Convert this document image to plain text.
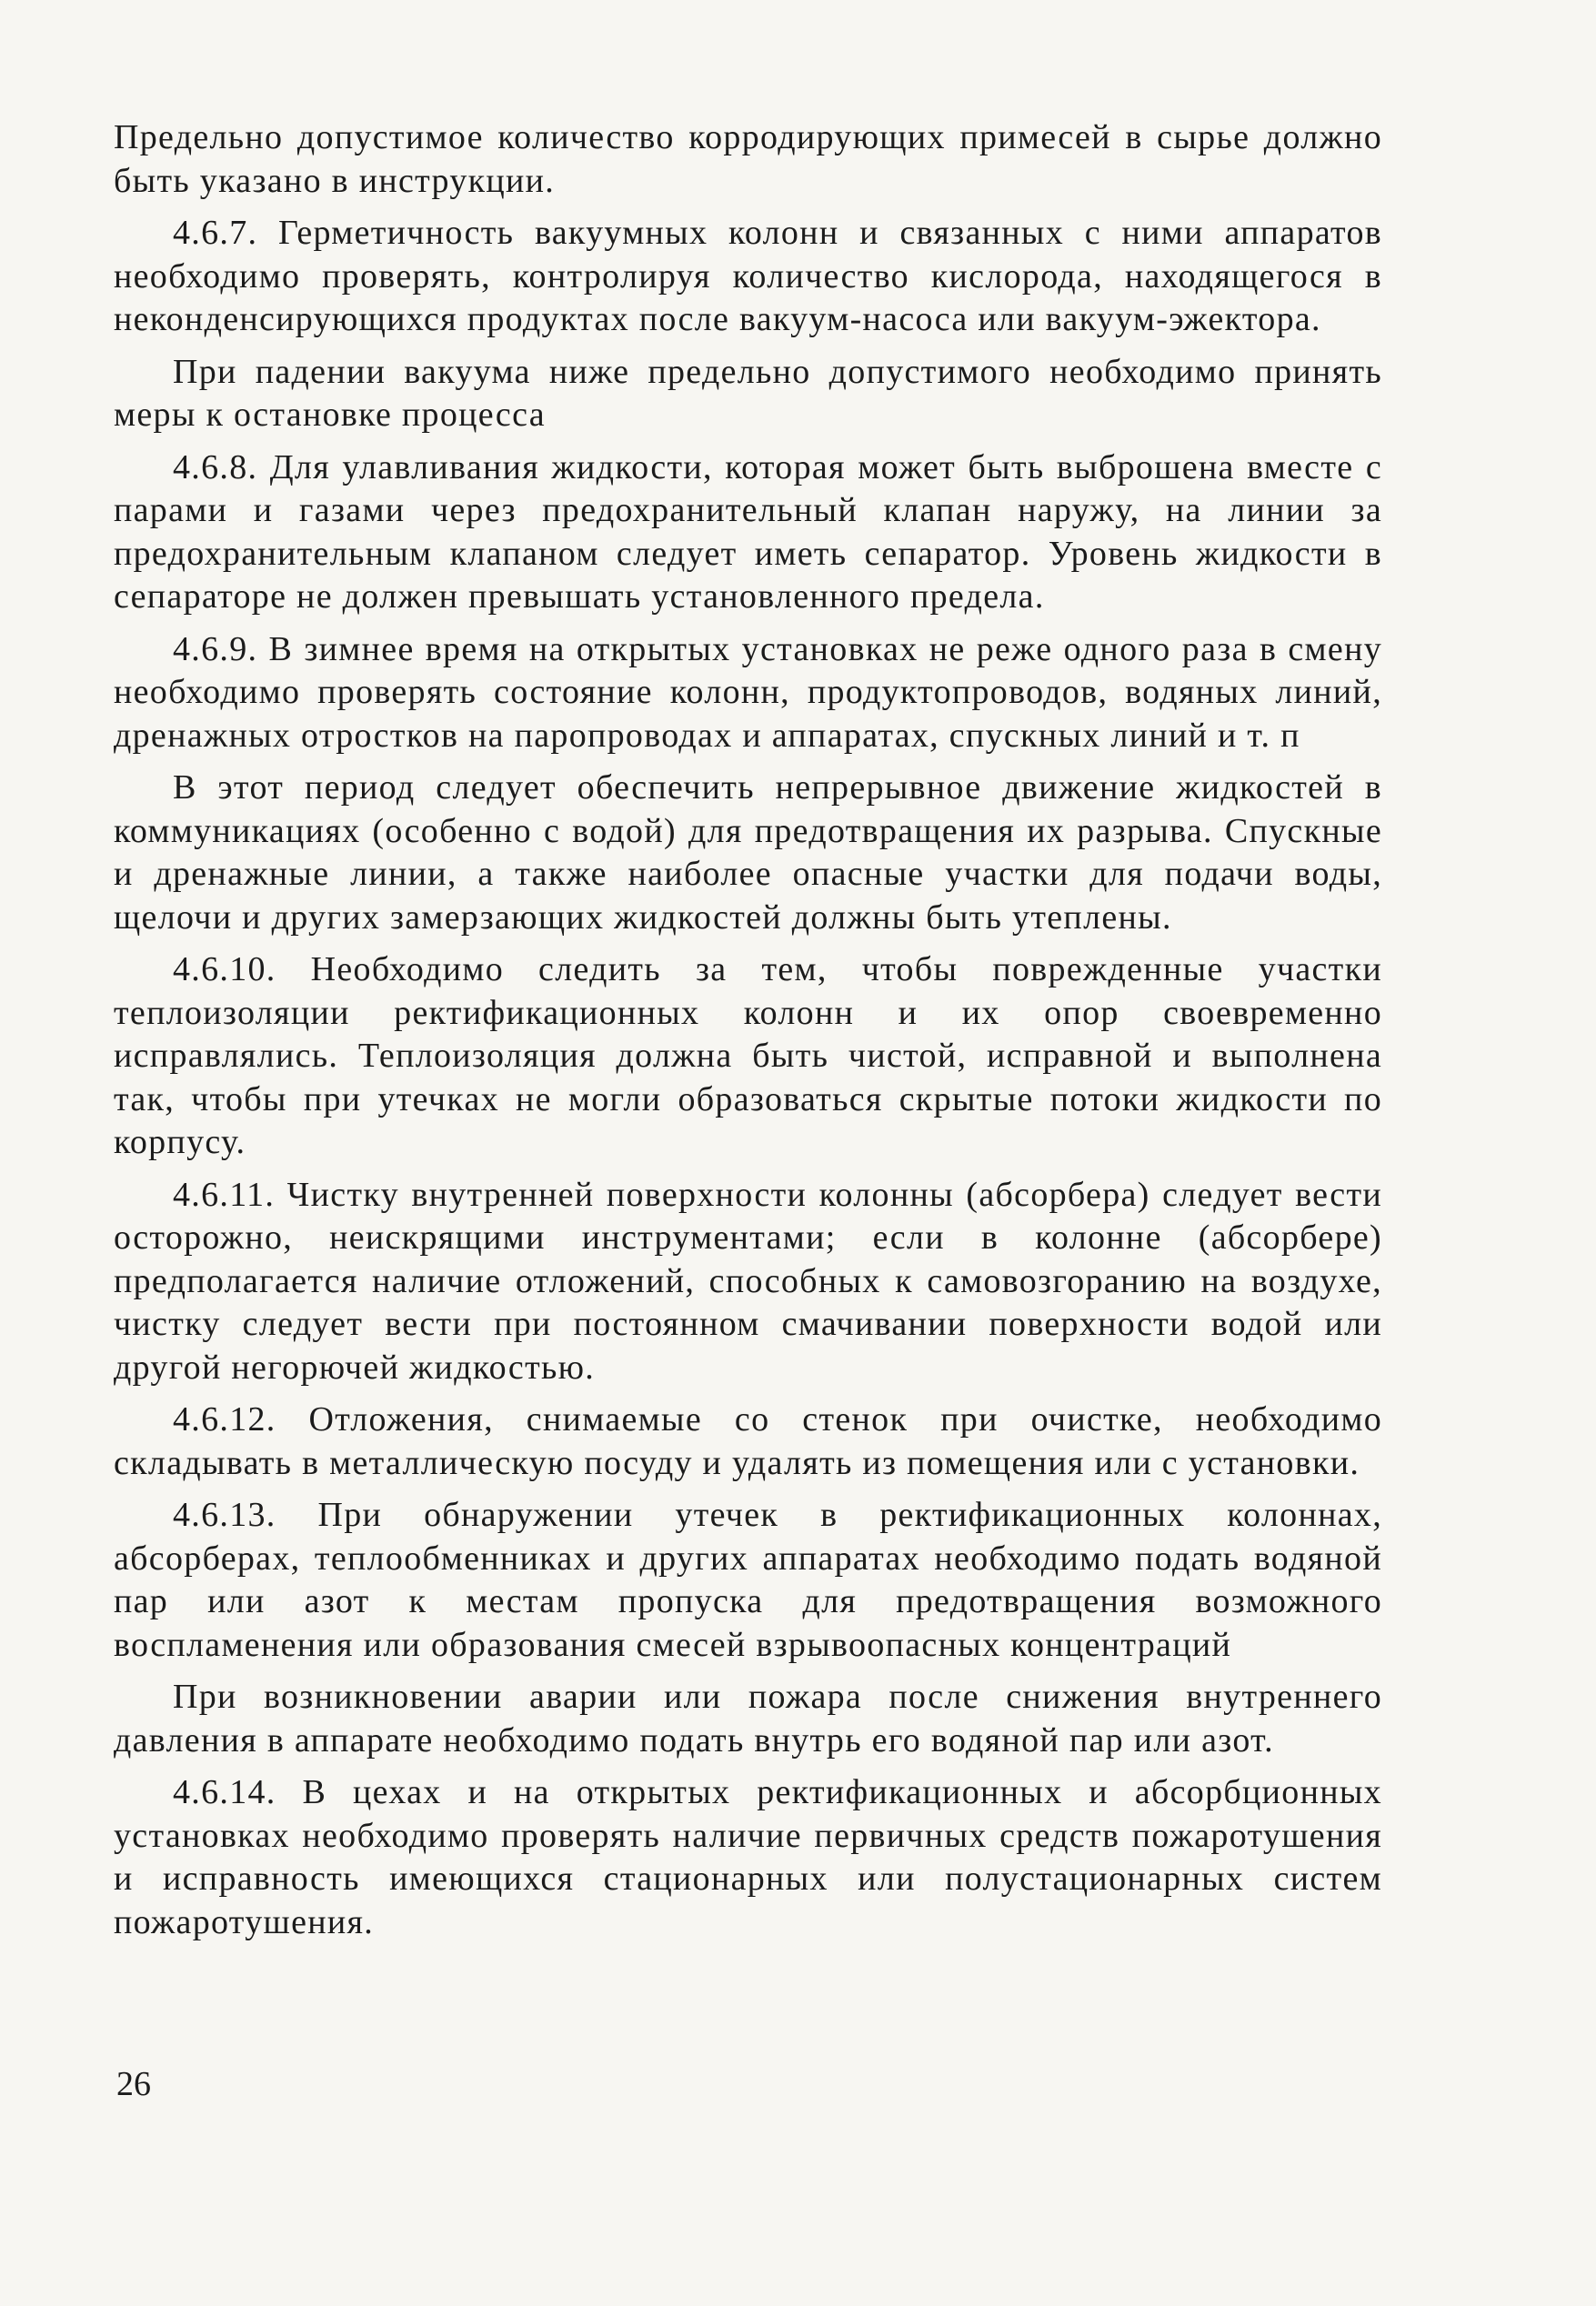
Предельно допустимое количество корродирующих примесей в сырье должно быть указано в инструкции.

4.6.7. Герметичность вакуумных колонн и связанных с ними аппаратов необходимо проверять, контролируя количество кислорода, находящегося в неконденсирующихся продуктах после вакуум-насоса или вакуум-эжектора.

При падении вакуума ниже предельно допустимого необходимо принять меры к остановке процесса

4.6.8. Для улавливания жидкости, которая может быть выброшена вместе с парами и газами через предохранительный клапан наружу, на линии за предохранительным клапаном следует иметь сепаратор. Уровень жидкости в сепараторе не должен превышать установленного предела.

4.6.9. В зимнее время на открытых установках не реже одного раза в смену необходимо проверять состояние колонн, продуктопроводов, водяных линий, дренажных отростков на паропроводах и аппаратах, спускных линий и т. п

В этот период следует обеспечить непрерывное движение жидкостей в коммуникациях (особенно с водой) для предотвращения их разрыва. Спускные и дренажные линии, а также наиболее опасные участки для подачи воды, щелочи и других замерзающих жидкостей должны быть утеплены.

4.6.10. Необходимо следить за тем, чтобы поврежденные участки теплоизоляции ректификационных колонн и их опор своевременно исправлялись. Теплоизоляция должна быть чистой, исправной и выполнена так, чтобы при утечках не могли образоваться скрытые потоки жидкости по корпусу.

4.6.11. Чистку внутренней поверхности колонны (абсорбера) следует вести осторожно, неискрящими инструментами; если в колонне (абсорбере) предполагается наличие отложений, способных к самовозгоранию на воздухе, чистку следует вести при постоянном смачивании поверхности водой или другой негорючей жидкостью.

4.6.12. Отложения, снимаемые со стенок при очистке, необходимо складывать в металлическую посуду и удалять из помещения или с установки.

4.6.13. При обнаружении утечек в ректификационных колоннах, абсорберах, теплообменниках и других аппаратах необходимо подать водяной пар или азот к местам пропуска для предотвращения возможного воспламенения или образования смесей взрывоопасных концентраций

При возникновении аварии или пожара после снижения внутреннего давления в аппарате необходимо подать внутрь его водяной пар или азот.

4.6.14. В цехах и на открытых ректификационных и абсорбционных установках необходимо проверять наличие первичных средств пожаротушения и исправность имеющихся стационарных или полустационарных систем пожаротушения.

26
